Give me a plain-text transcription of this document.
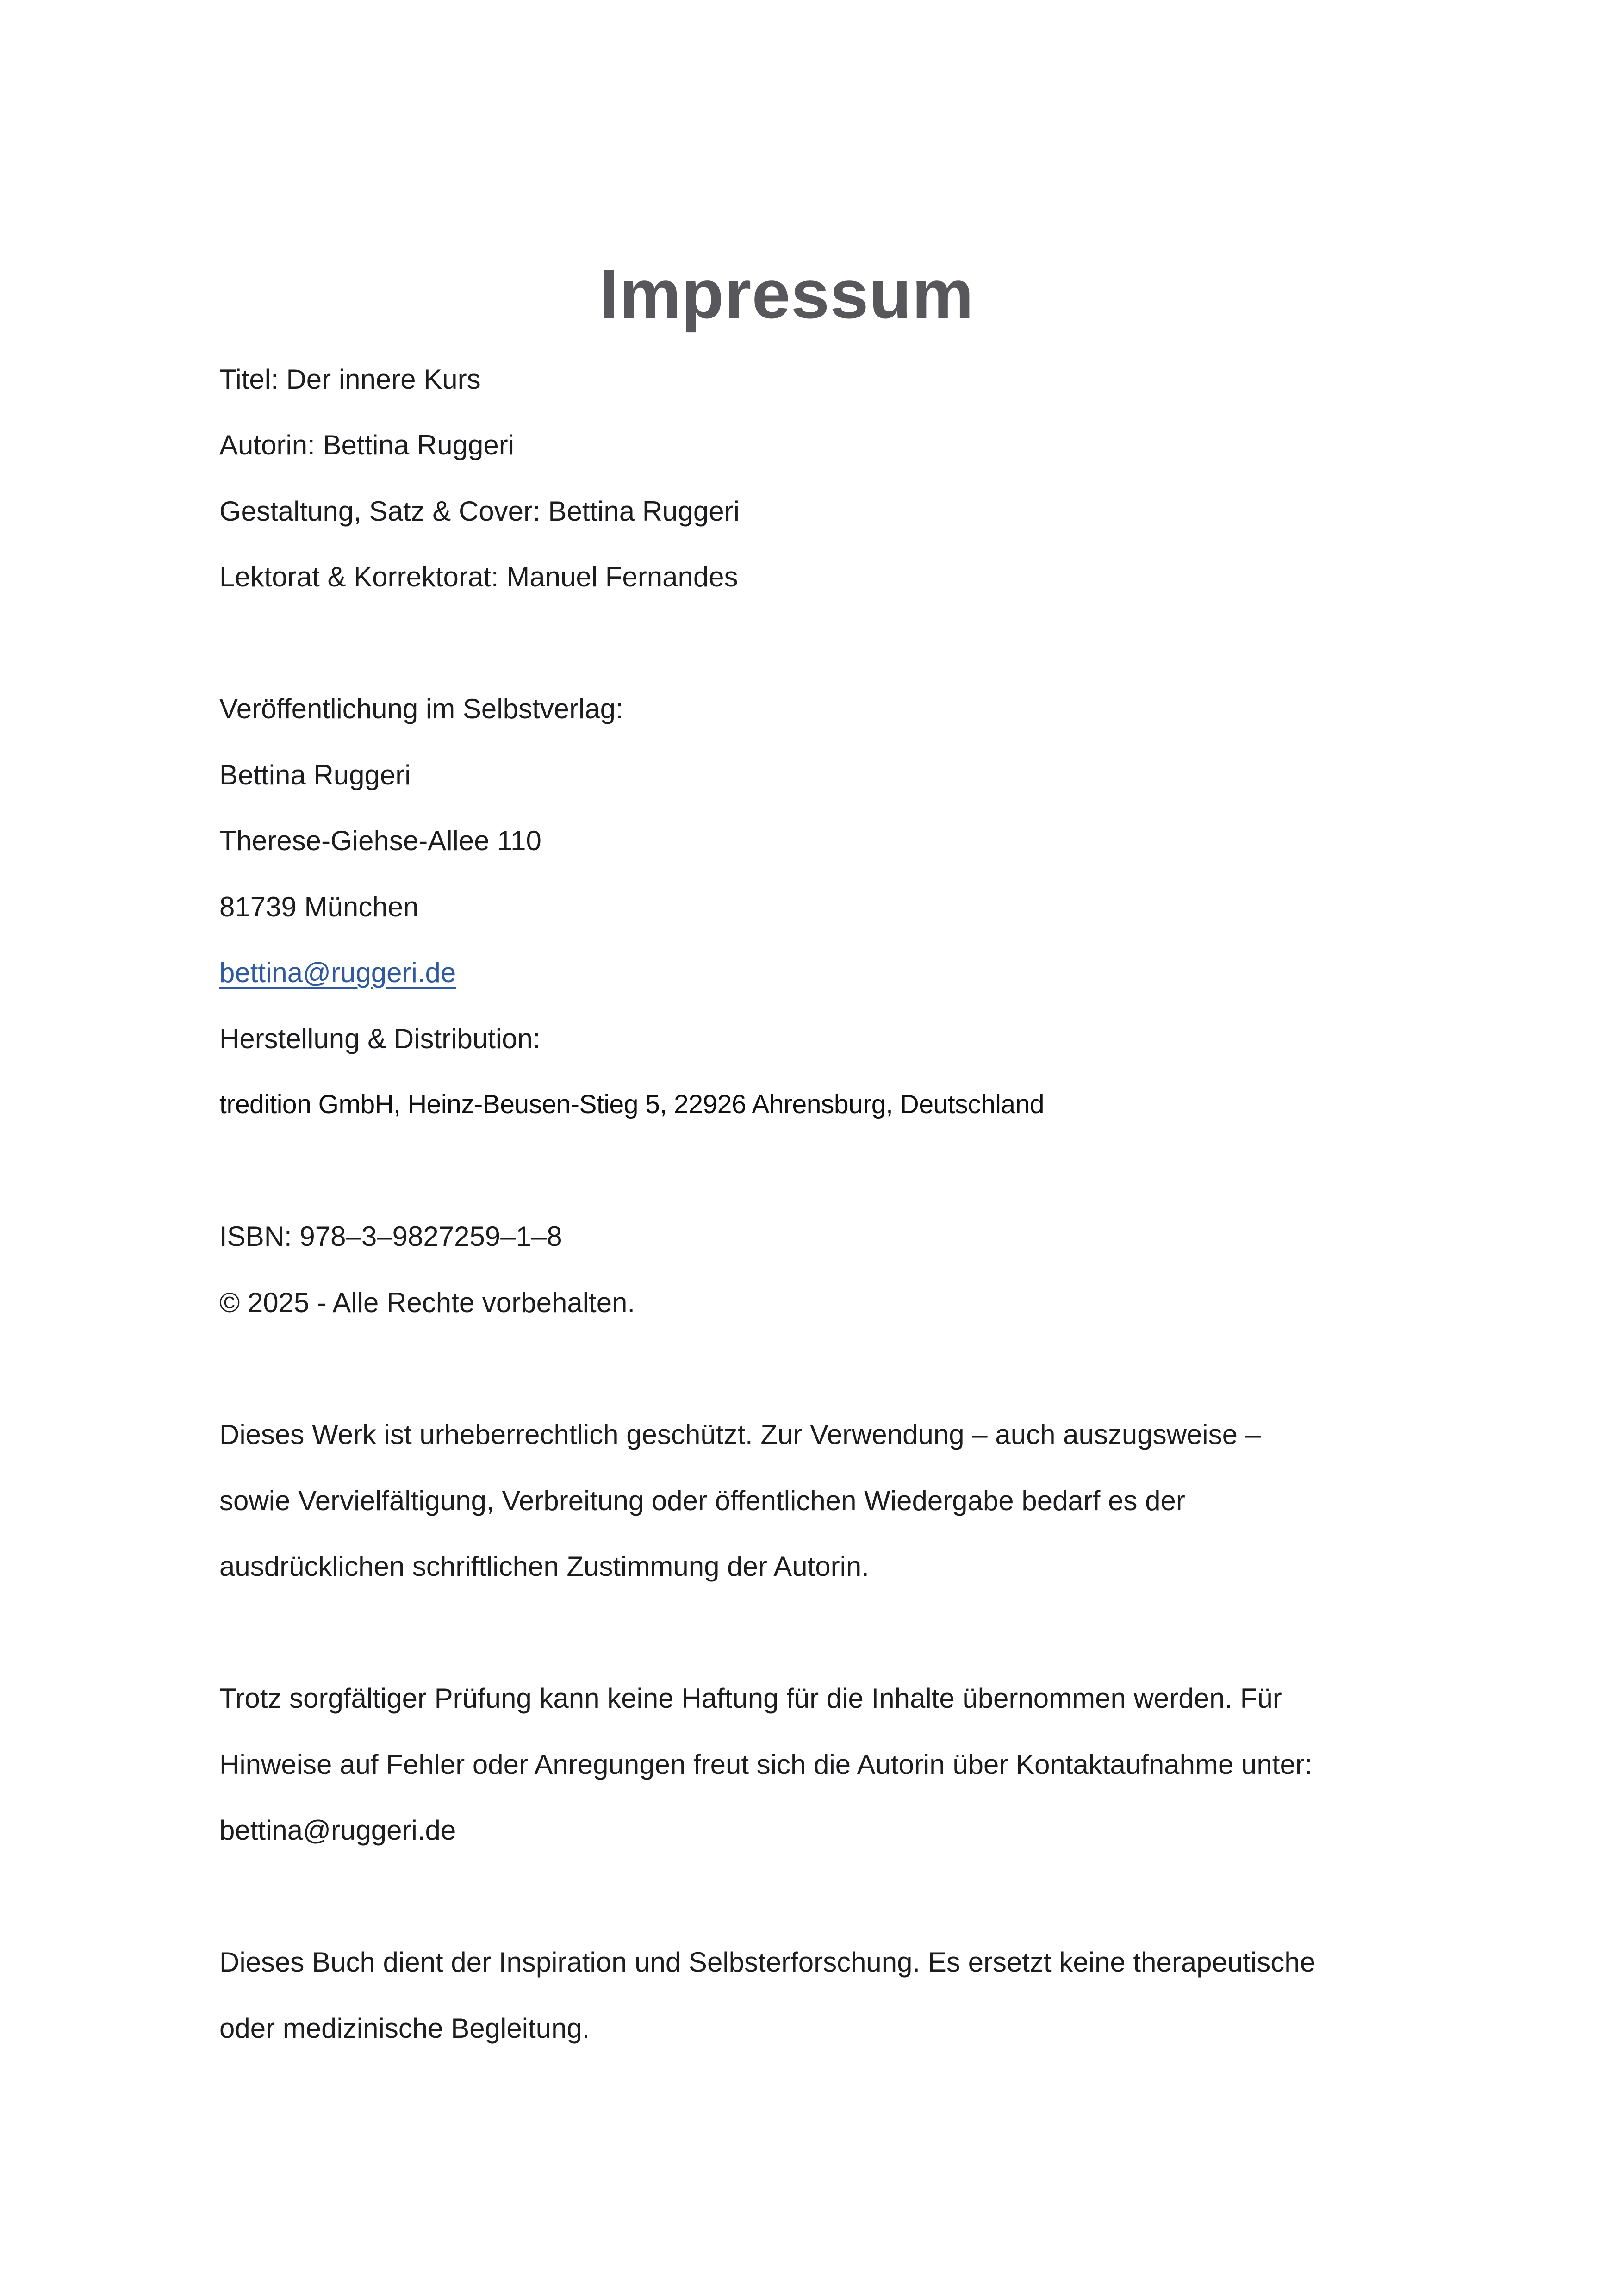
Impressum

Titel: Der innere Kurs

Autorin: Bettina Ruggeri

Gestaltung, Satz & Cover: Bettina Ruggeri

Lektorat & Korrektorat: Manuel Fernandes

Veröffentlichung im Selbstverlag:

Bettina Ruggeri

Therese-Giehse-Allee 110

81739 München

bettina@ruggeri.de

Herstellung & Distribution:

tredition GmbH, Heinz-Beusen-Stieg 5, 22926 Ahrensburg, Deutschland

ISBN: 978–3–9827259–1–8

© 2025 - Alle Rechte vorbehalten.

Dieses Werk ist urheberrechtlich geschützt. Zur Verwendung – auch auszugsweise –

sowie Vervielfältigung, Verbreitung oder öffentlichen Wiedergabe bedarf es der

ausdrücklichen schriftlichen Zustimmung der Autorin.

Trotz sorgfältiger Prüfung kann keine Haftung für die Inhalte übernommen werden. Für

Hinweise auf Fehler oder Anregungen freut sich die Autorin über Kontaktaufnahme unter:

bettina@ruggeri.de

Dieses Buch dient der Inspiration und Selbsterforschung. Es ersetzt keine therapeutische

oder medizinische Begleitung.
